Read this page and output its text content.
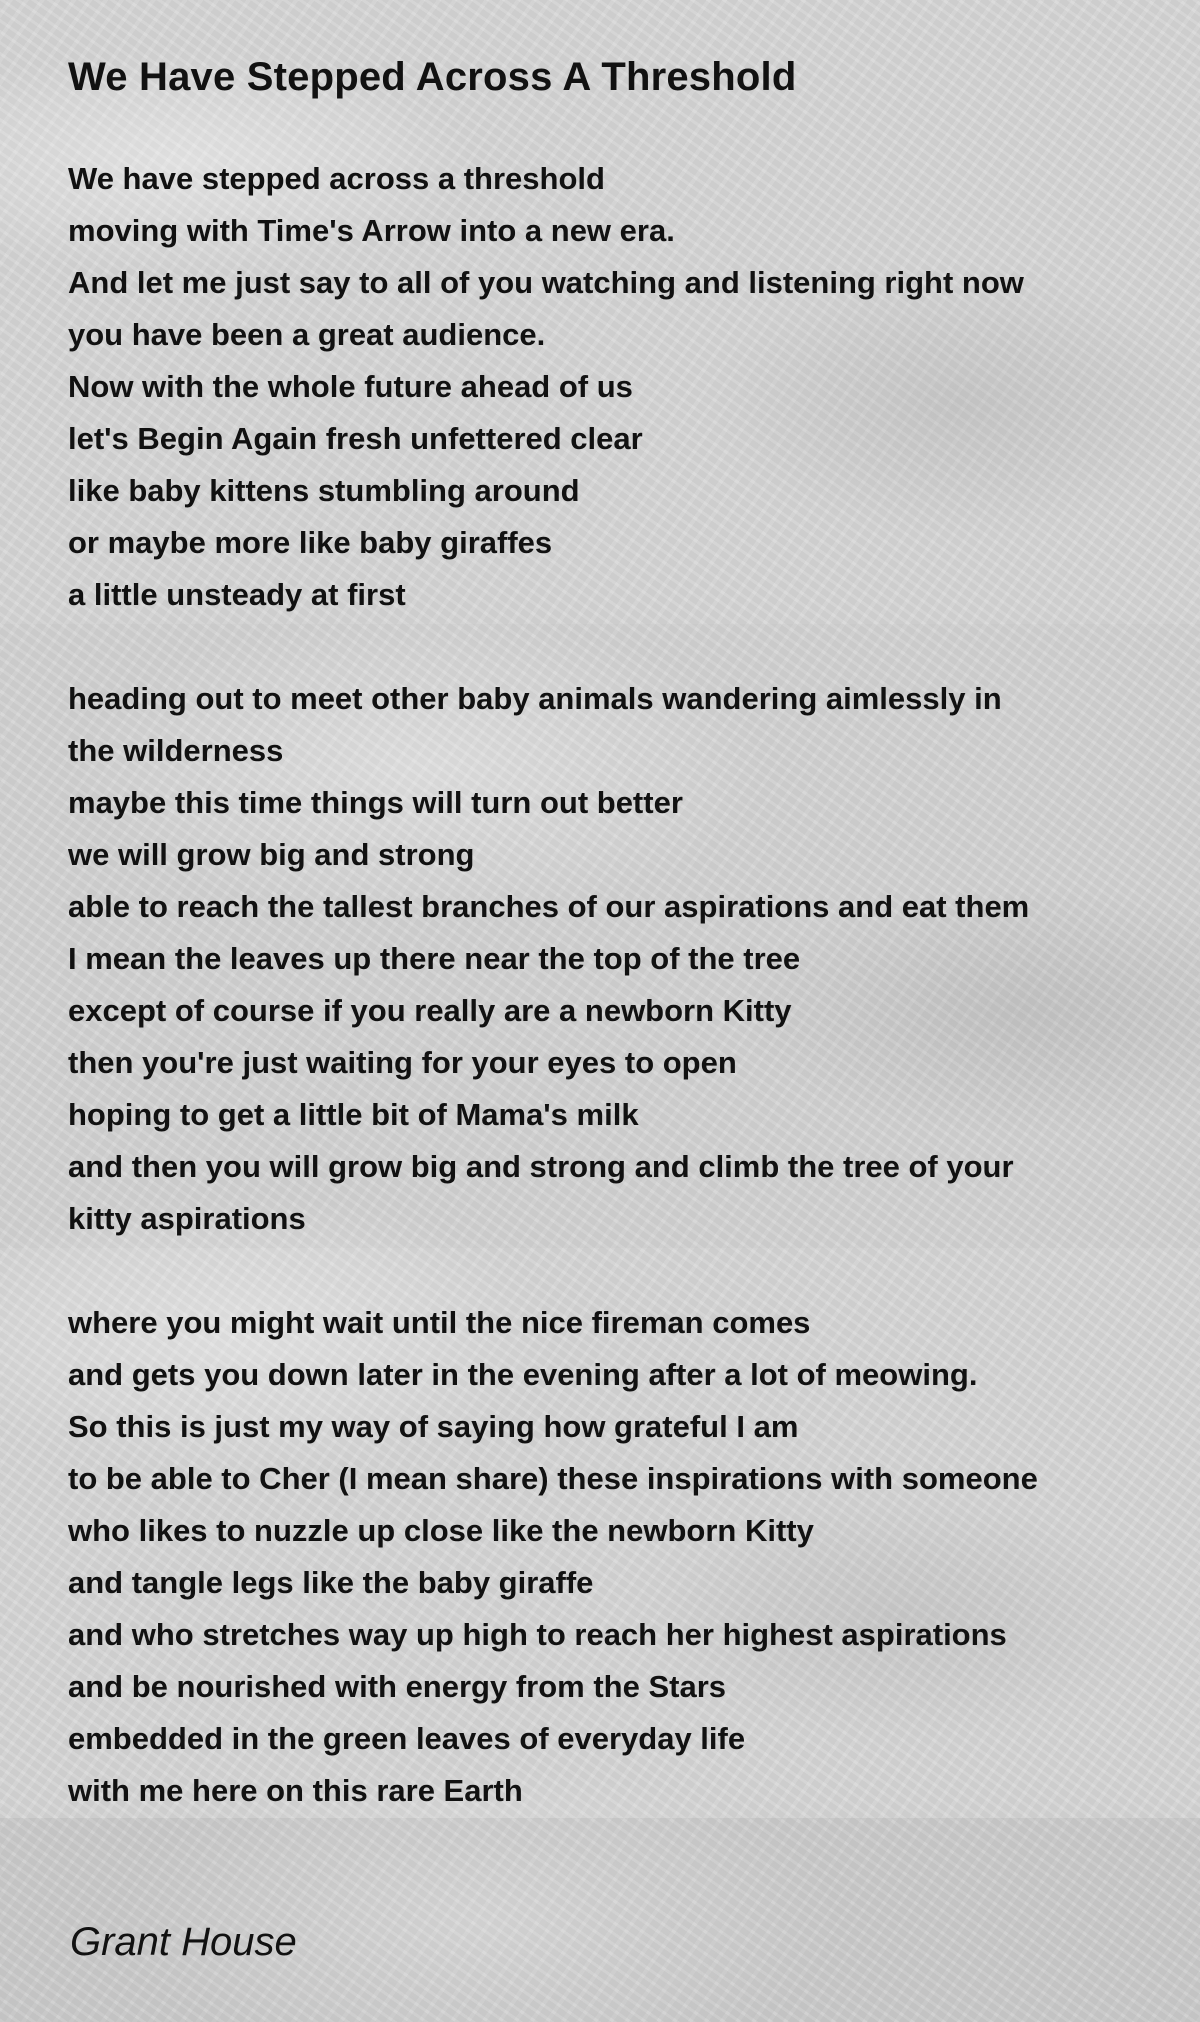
We Have Stepped Across A Threshold
We have stepped across a threshold
moving with Time's Arrow into a new era.
And let me just say to all of you watching and listening right now
you have been a great audience.
Now with the whole future ahead of us
let's Begin Again fresh unfettered clear
like baby kittens stumbling around
or maybe more like baby giraffes
a little unsteady at first
heading out to meet other baby animals wandering aimlessly in
the wilderness
maybe this time things will turn out better
we will grow big and strong
able to reach the tallest branches of our aspirations and eat them
I mean the leaves up there near the top of the tree
except of course if you really are a newborn Kitty
then you're just waiting for your eyes to open
hoping to get a little bit of Mama's milk
and then you will grow big and strong and climb the tree of your
kitty aspirations
where you might wait until the nice fireman comes
and gets you down later in the evening after a lot of meowing.
So this is just my way of saying how grateful I am
to be able to Cher (I mean share) these inspirations with someone
who likes to nuzzle up close like the newborn Kitty
and tangle legs like the baby giraffe
and who stretches way up high to reach her highest aspirations
and be nourished with energy from the Stars
embedded in the green leaves of everyday life
with me here on this rare Earth
Grant House
